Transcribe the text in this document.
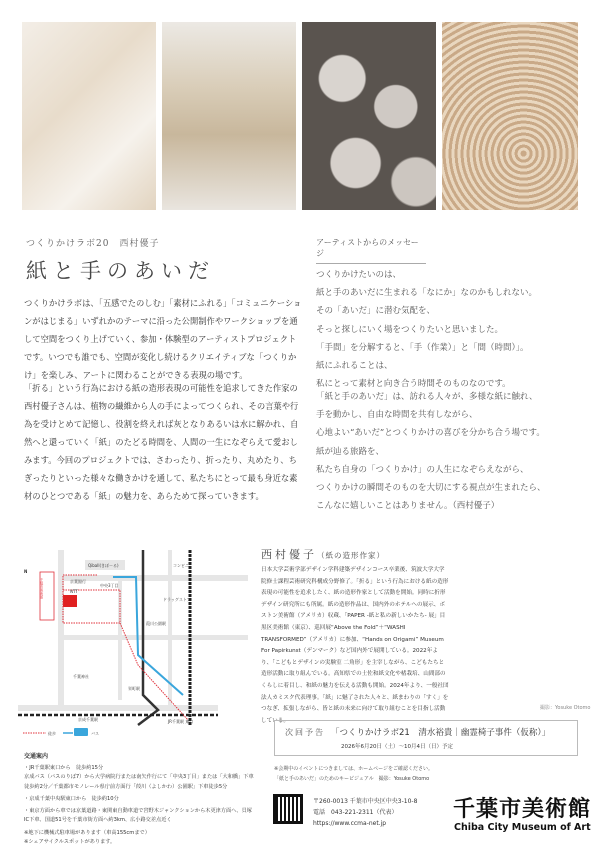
つくりかけラボ20　西村優子
紙と手のあいだ

つくりかけラボは、「五感でたのしむ」「素材にふれる」「コミュニケーションがはじまる」いずれかのテーマに沿った公開制作やワークショップを通して空間をつくり上げていく、参加・体験型のアーティストプロジェクトです。いつでも誰でも、空間が変化し続けるクリエイティブな「つくりかけ」を楽しみ、アートに関わることができる表現の場です。

「折る」という行為における紙の造形表現の可能性を追求してきた作家の西村優子さんは、植物の繊維から人の手によってつくられ、その言葉や行為を受けとめて記憶し、役割を終えれば灰となりあるいは水に解かれ、自然へと還っていく「紙」のたどる時間を、人間の一生になぞらえて愛おしみます。今回のプロジェクトでは、さわったり、折ったり、丸めたり、ちぎったりといった様々な働きかけを通して、私たちにとって最も身近な素材のひとつである「紙」の魅力を、あらためて探っていきます。

アーティストからのメッセージ
つくりかけたいのは、
紙と手のあいだに生まれる「なにか」なのかもしれない。
その「あいだ」に潜む気配を、
そっと探しにいく場をつくりたいと思いました。
「手間」を分解すると、「手（作業）」と「間（時間）」。
紙にふれることは、
私にとって素材と向き合う時間そのものなのです。
「紙と手のあいだ」は、訪れる人々が、多様な紙に触れ、
手を動かし、自由な時間を共有しながら、
心地よい“あいだ”とつくりかけの喜びを分かち合う場です。
紙が辿る旅路を、
私たち自身の「つくりかけ」の人生になぞらえながら、
つくりかけの瞬間そのものを大切にする視点が生まれたら、
こんなに嬉しいことはありません。（西村優子）
N
千葉市美術館	NTT
京葉銀行
中央3丁目
Qiball(きぼーる)
葭川公園駅
千葉神社
京成千葉駅	JR千葉駅 東口
コンビニ
ドラッグストア
栄町駅
徒歩	バス
交通案内
・JR千葉駅東口から　徒歩約15分
京成バス（バスのりば7）から大学病院行または南矢作行にて「中央3丁目」または「大和橋」下車徒歩約2分／千葉都市モノレール県庁前方面行「葭川（よしかわ）公園駅」下車徒歩5分
・京成千葉中央駅東口から　徒歩約10分
・東京方面から車では京葉道路・東関東自動車道で宮野木ジャンクションから木更津方面へ、貝塚IC下車、国道51号を千葉市街方面へ約3km、広小路交差点近く
※地下に機械式駐車場があります（車高155cmまで）
※シェアサイクルスポットがあります。
西村優子（紙の造形作家）

日本大学芸術学部デザイン学科建築デザインコース卒業後、筑波大学大学院修士課程芸術研究科構成分野修了。「折る」という行為における紙の造形表現の可能性を追求したく、紙の造形作家として活動を開始。同時に折形デザイン研究所にも所属。紙の造形作品は、国内外のホテルへの展示、ボストン美術館（アメリカ）収蔵、「PAPER -紙と私の新しいかたち- 展」目黒区美術館（東京）、巡回展“Above the Fold”＋“WASHI TRANSFORMED”（アメリカ）に参加、“Hands on Origami” Museum For Papirkunst（デンマーク）など国内外で展開している。2022年より、「こどもとデザインの実験室 二角形」を主宰しながら、こどもたちと造形活動に取り組んでいる。高知県での土佐和紙文化や楮栽培、山間部のくらしに着目し、和紙の魅力を伝える活動も開始。2024年より、一般社団法人カミスク代表理事。「紙」に魅了された人々と、紙まわりの「すく」をつなぎ、拡張しながら、皆と紙の未来に向けて取り組むことを目指し活動している。

撮影：Yosuke Otomo
次回予告 「つくりかけラボ21　清水裕貴｜幽霊椅子事件（仮称）」
2026年6月20日（土）～10月4日（日）予定
※会期中のイベントにつきましては、ホームページをご確認ください。
「紙と手のあいだ」のためのキービジュアル　撮影：Yosuke Otomo
〒260-0013 千葉市中央区中央3-10-8
電話　043-221-2311（代表）
https://www.ccma-net.jp
千葉市美術館
Chiba City Museum of Art
